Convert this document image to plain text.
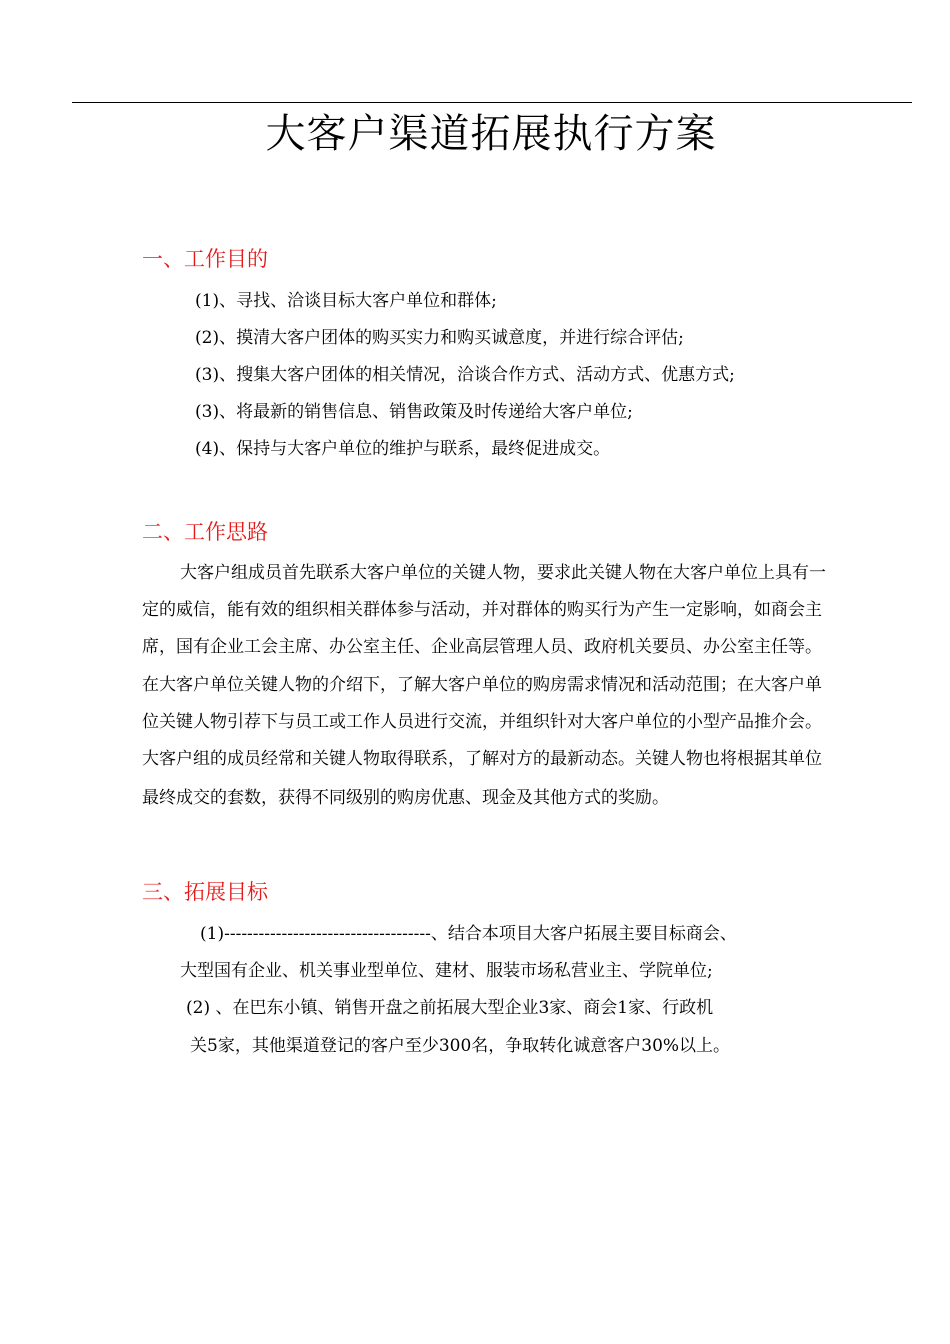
大客户渠道拓展执行方案
一、工作目的

(1)、寻找、洽谈目标大客户单位和群体;

(2)、摸清大客户团体的购买实力和购买诚意度，并进行综合评估;

(3)、搜集大客户团体的相关情况，洽谈合作方式、活动方式、优惠方式;

(3)、将最新的销售信息、销售政策及时传递给大客户单位;

(4)、保持与大客户单位的维护与联系，最终促进成交。

二、工作思路

大客户组成员首先联系大客户单位的关键人物，要求此关键人物在大客户单位上具有一

定的威信，能有效的组织相关群体参与活动，并对群体的购买行为产生一定影响，如商会主

席，国有企业工会主席、办公室主任、企业高层管理人员、政府机关要员、办公室主任等。

在大客户单位关键人物的介绍下，了解大客户单位的购房需求情况和活动范围；在大客户单

位关键人物引荐下与员工或工作人员进行交流，并组织针对大客户单位的小型产品推介会。

大客户组的成员经常和关键人物取得联系，了解对方的最新动态。关键人物也将根据其单位

最终成交的套数，获得不同级别的购房优惠、现金及其他方式的奖励。

三、拓展目标

(1)------------------------------------、结合本项目大客户拓展主要目标商会、

大型国有企业、机关事业型单位、建材、服装市场私营业主、学院单位;

(2) 、在巴东小镇、销售开盘之前拓展大型企业3家、商会1家、行政机

关5家，其他渠道登记的客户至少300名，争取转化诚意客户30%以上。
